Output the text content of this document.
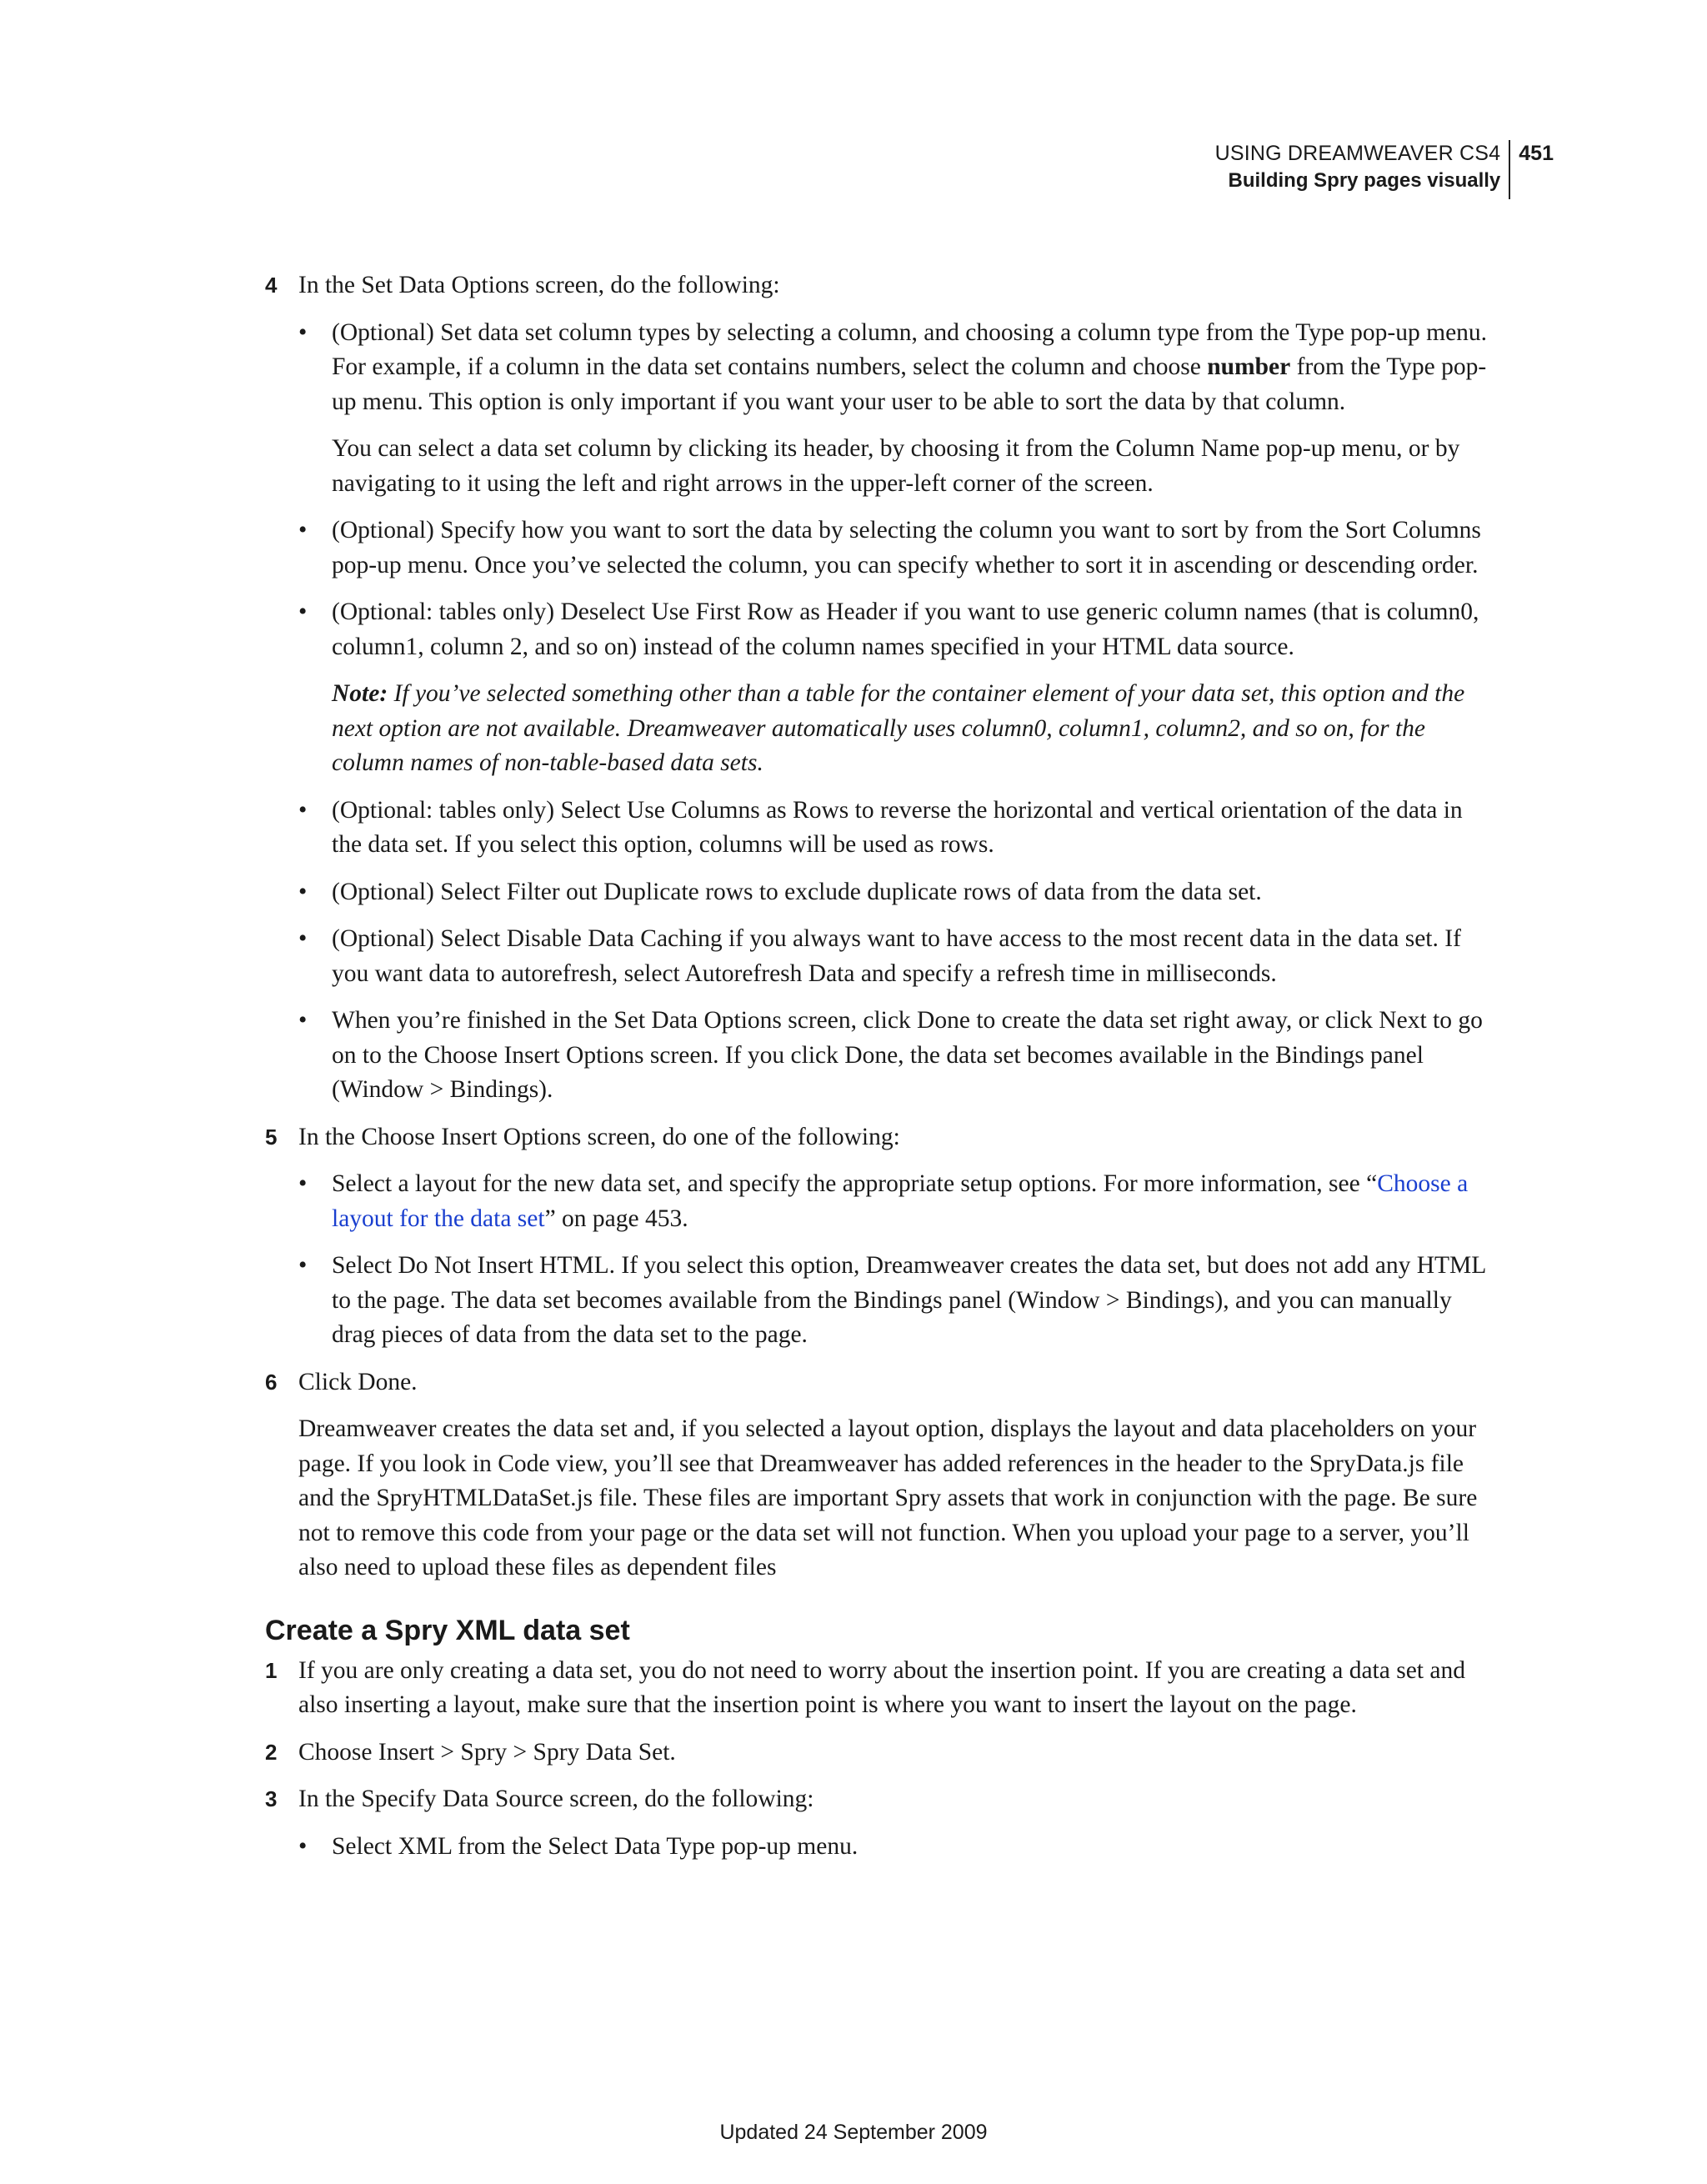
USING DREAMWEAVER CS4
Building Spry pages visually
451
4 In the Set Data Options screen, do the following:
•	(Optional) Set data set column types by selecting a column, and choosing a column type from the Type pop-up menu. For example, if a column in the data set contains numbers, select the column and choose number from the Type pop-up menu. This option is only important if you want your user to be able to sort the data by that column.

You can select a data set column by clicking its header, by choosing it from the Column Name pop-up menu, or by navigating to it using the left and right arrows in the upper-left corner of the screen.

•	(Optional) Specify how you want to sort the data by selecting the column you want to sort by from the Sort Columns pop-up menu. Once you’ve selected the column, you can specify whether to sort it in ascending or descending order.
•	(Optional: tables only) Deselect Use First Row as Header if you want to use generic column names (that is column0, column1, column 2, and so on) instead of the column names specified in your HTML data source.

Note: If you’ve selected something other than a table for the container element of your data set, this option and the next option are not available. Dreamweaver automatically uses column0, column1, column2, and so on, for the column names of non-table-based data sets.

•	(Optional: tables only) Select Use Columns as Rows to reverse the horizontal and vertical orientation of the data in the data set. If you select this option, columns will be used as rows.
•	(Optional) Select Filter out Duplicate rows to exclude duplicate rows of data from the data set.
•	(Optional) Select Disable Data Caching if you always want to have access to the most recent data in the data set. If you want data to autorefresh, select Autorefresh Data and specify a refresh time in milliseconds.
•	When you’re finished in the Set Data Options screen, click Done to create the data set right away, or click Next to go on to the Choose Insert Options screen. If you click Done, the data set becomes available in the Bindings panel (Window > Bindings).
5 In the Choose Insert Options screen, do one of the following:
•	Select a layout for the new data set, and specify the appropriate setup options. For more information, see “Choose a layout for the data set” on page 453.
•	Select Do Not Insert HTML. If you select this option, Dreamweaver creates the data set, but does not add any HTML to the page. The data set becomes available from the Bindings panel (Window > Bindings), and you can manually drag pieces of data from the data set to the page.
6 Click Done.

Dreamweaver creates the data set and, if you selected a layout option, displays the layout and data placeholders on your page. If you look in Code view, you’ll see that Dreamweaver has added references in the header to the SpryData.js file and the SpryHTMLDataSet.js file. These files are important Spry assets that work in conjunction with the page. Be sure not to remove this code from your page or the data set will not function. When you upload your page to a server, you’ll also need to upload these files as dependent files

Create a Spry XML data set
1 If you are only creating a data set, you do not need to worry about the insertion point. If you are creating a data set and also inserting a layout, make sure that the insertion point is where you want to insert the layout on the page.
2 Choose Insert > Spry > Spry Data Set.
3 In the Specify Data Source screen, do the following:
•	Select XML from the Select Data Type pop-up menu.
Updated 24 September 2009
